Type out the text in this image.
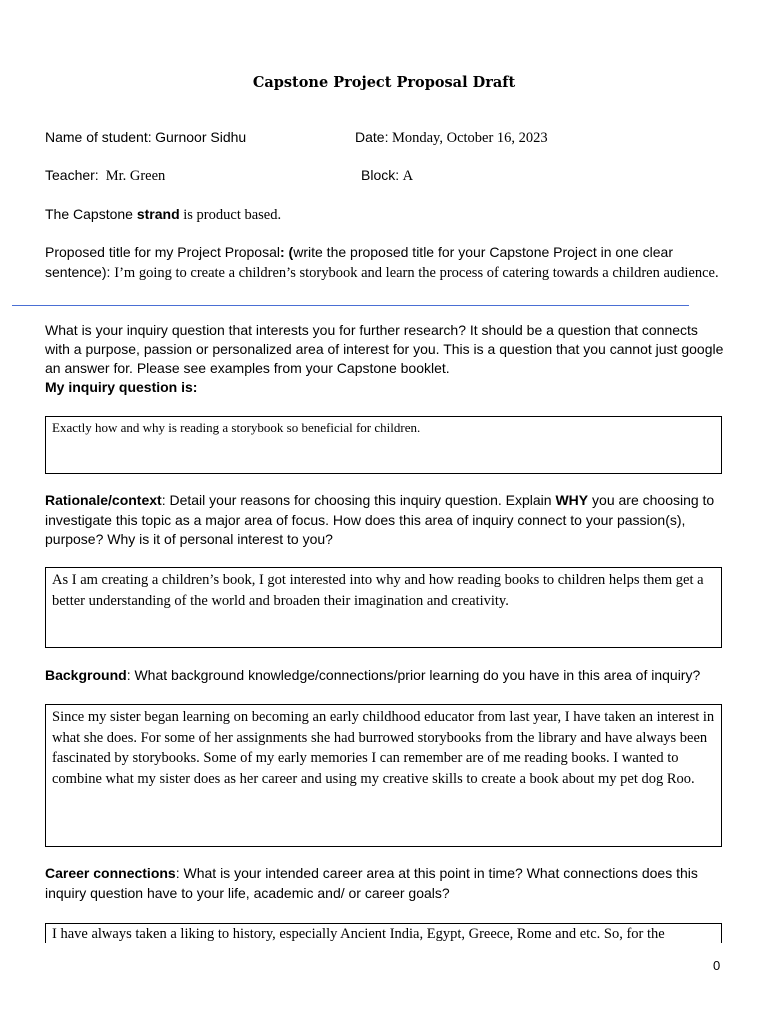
Capstone Project Proposal Draft
Name of student: Gurnoor Sidhu	Date: Monday, October 16, 2023
Teacher: Mr. Green	Block: A
The Capstone strand is product based.
Proposed title for my Project Proposal: (write the proposed title for your Capstone Project in one clear sentence): I’m going to create a children’s storybook and learn the process of catering towards a children audience.
What is your inquiry question that interests you for further research? It should be a question that connects with a purpose, passion or personalized area of interest for you. This is a question that you cannot just google an answer for. Please see examples from your Capstone booklet.
My inquiry question is:
Exactly how and why is reading a storybook so beneficial for children.
Rationale/context: Detail your reasons for choosing this inquiry question. Explain WHY you are choosing to investigate this topic as a major area of focus. How does this area of inquiry connect to your passion(s), purpose? Why is it of personal interest to you?
As I am creating a children’s book, I got interested into why and how reading books to children helps them get a better understanding of the world and broaden their imagination and creativity.
Background: What background knowledge/connections/prior learning do you have in this area of inquiry?
Since my sister began learning on becoming an early childhood educator from last year, I have taken an interest in what she does. For some of her assignments she had burrowed storybooks from the library and have always been fascinated by storybooks. Some of my early memories I can remember are of me reading books. I wanted to combine what my sister does as her career and using my creative skills to create a book about my pet dog Roo.
Career connections: What is your intended career area at this point in time? What connections does this inquiry question have to your life, academic and/ or career goals?
I have always taken a liking to history, especially Ancient India, Egypt, Greece, Rome and etc. So, for the
0
